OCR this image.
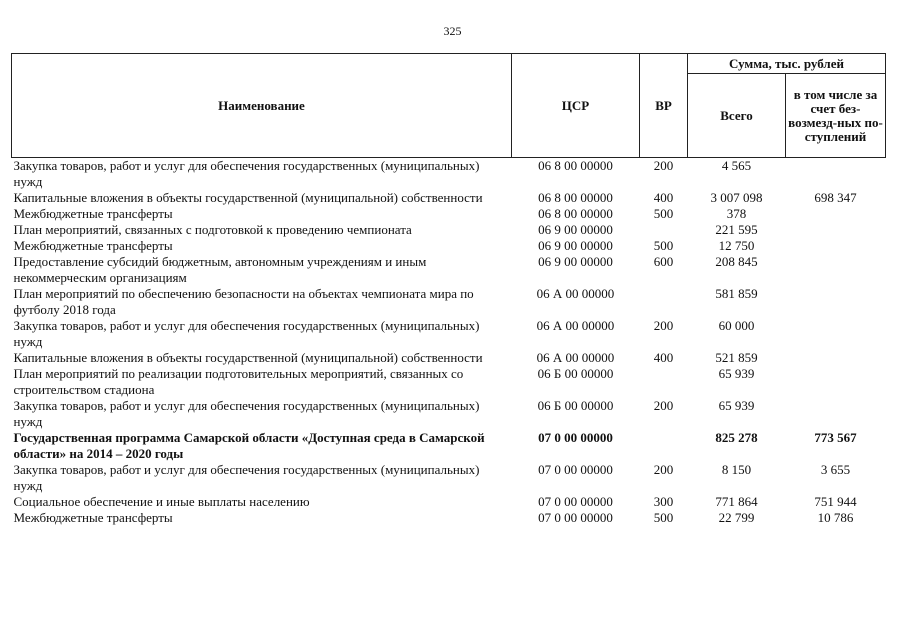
325
Наименование	ЦСР	ВР	Сумма, тыс. рублей	
			Всего	в том числе за счет без-возмезд-ных по-ступлений
Закупка товаров, работ и услуг для обеспечения государственных (муниципальных) нужд	06 8 00 00000	200	4 565	
Капитальные вложения в объекты государственной (муниципальной) собственности	06 8 00 00000	400	3 007 098	698 347
Межбюджетные трансферты	06 8 00 00000	500	378	
План мероприятий, связанных с подготовкой к проведению чемпионата	06 9 00 00000		221 595	
Межбюджетные трансферты	06 9 00 00000	500	12 750	
Предоставление субсидий бюджетным, автономным учреждениям и иным некоммерческим организациям	06 9 00 00000	600	208 845	
План мероприятий по обеспечению безопасности на объектах чемпионата мира по футболу 2018 года	06 А 00 00000		581 859	
Закупка товаров, работ и услуг для обеспечения государственных (муниципальных) нужд	06 А 00 00000	200	60 000	
Капитальные вложения в объекты государственной (муниципальной) собственности	06 А 00 00000	400	521 859	
План мероприятий по реализации подготовительных мероприятий, связанных со строительством стадиона	06 Б 00 00000		65 939	
Закупка товаров, работ и услуг для обеспечения государственных (муниципальных) нужд	06 Б 00 00000	200	65 939	
Государственная программа Самарской области «Доступная среда в Самарской области» на 2014 – 2020 годы	07 0 00 00000		825 278	773 567
Закупка товаров, работ и услуг для обеспечения государственных (муниципальных) нужд	07 0 00 00000	200	8 150	3 655
Социальное обеспечение и иные выплаты населению	07 0 00 00000	300	771 864	751 944
Межбюджетные трансферты	07 0 00 00000	500	22 799	10 786
